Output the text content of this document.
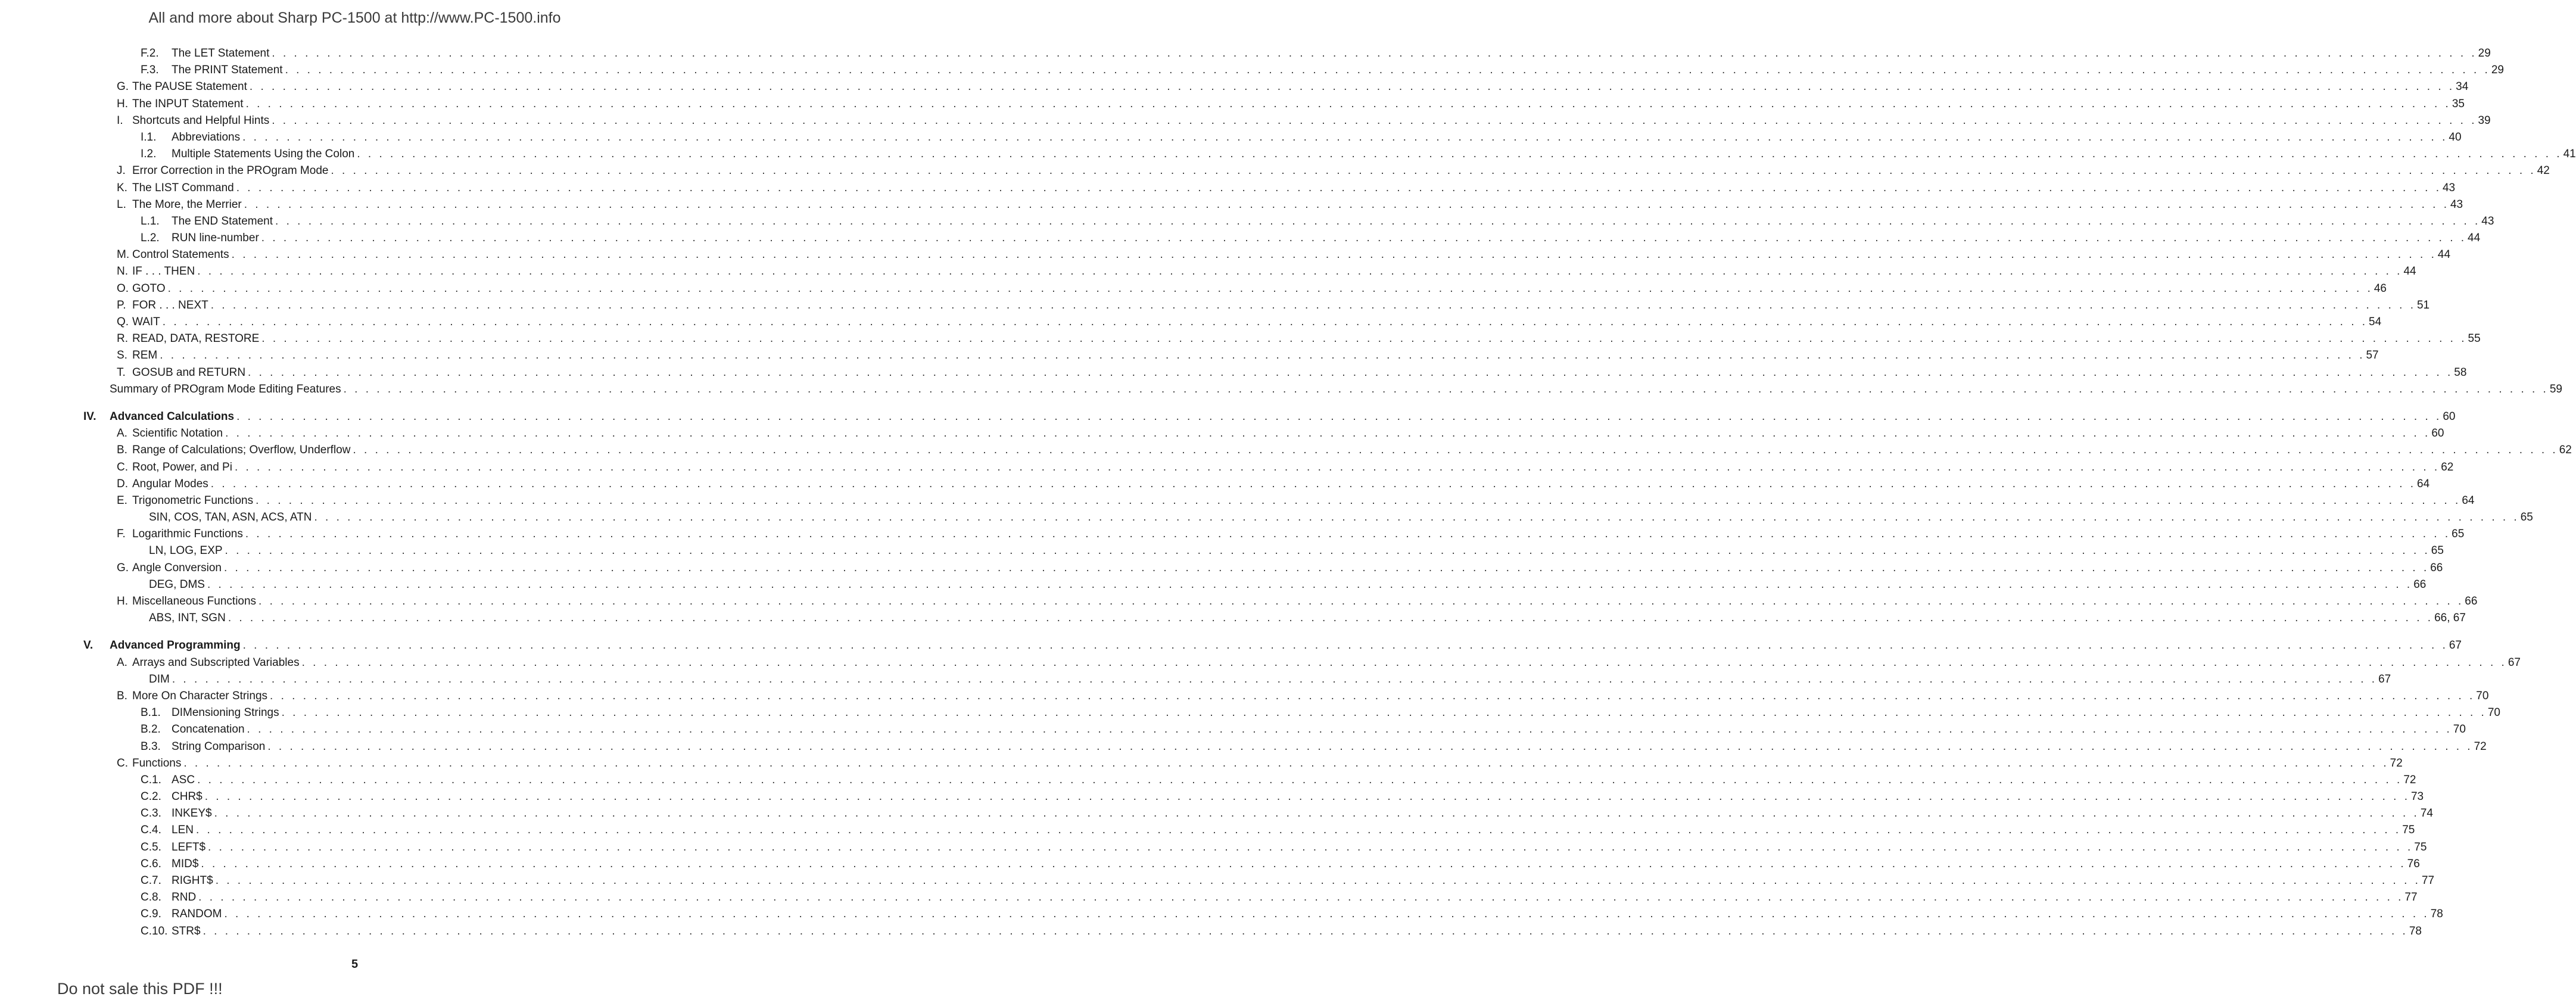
All and more about Sharp PC-1500 at http://www.PC-1500.info
F.2. The LET Statement . . . . . . . . . . . . . . . . . . . . . . . . . . . . . . . . . . . . . . . . . . . . . . . . . . . . . . . . . . . . . . . . . . . . . . . . . . . . . . . . . . . . . . . . . . . . . . . . . . . . . . . . . . . . . . . . . . . . . . . . . . . . . . . . . . . . . . . . . . . . . . . . . . . . . . . . . . . . . . . . . . . . . . . . . . . . . . . . . . . . . . . . . . . . . . . . . . . . . . . . 29
F.3. The PRINT Statement . . . . . . . . . . . . . . . . . . . . . . . . . . . . . . . . . . . . . . . . . . . . . . . . . . . . . . . . . . . . . . . . . . . . . . . . . . . . . . . . . . . . . . . . . . . . . . . . . . . . . . . . . . . . . . . . . . . . . . . . . . . . . . . . . . . . . . . . . . . . . . . . . . . . . . . . . . . . . . . . . . . . . . . . . . . . . . . . . . . . . . . . . . . . . . . . . . . . . . . . 29
G. The PAUSE Statement . . . . . . . . . . . . . . . . . . . . . . . . . . . . . . . . . . . . . . . . . . . . . . . . . . . . . . . . . . . . . . . . . . . . . . . . . . . . . . . . . . . . . . . . . . . . . . . . . . . . . . . . . . . . . . . . . . . . . . . . . . . . . . . . . . . . . . . . . . . . . . . . . . . . . . . . . . . . . . . . . . . . . . . . . . . . . . . . . . . . . . . . . . . . . . . . . . . . . . . . 34
H. The INPUT Statement . . . . . . . . . . . . . . . . . . . . . . . . . . . . . . . . . . . . . . . . . . . . . . . . . . . . . . . . . . . . . . . . . . . . . . . . . . . . . . . . . . . . . . . . . . . . . . . . . . . . . . . . . . . . . . . . . . . . . . . . . . . . . . . . . . . . . . . . . . . . . . . . . . . . . . . . . . . . . . . . . . . . . . . . . . . . . . . . . . . . . . . . . . . . . . . . . . . . . . . . 35
I. Shortcuts and Helpful Hints . . . . . . . . . . . . . . . . . . . . . . . . . . . . . . . . . . . . . . . . . . . . . . . . . . . . . . . . . . . . . . . . . . . . . . . . . . . . . . . . . . . . . . . . . . . . . . . . . . . . . . . . . . . . . . . . . . . . . . . . . . . . . . . . . . . . . . . . . . . . . . . . . . . . . . . . . . . . . . . . . . . . . . . . . . . . . . . . . . . . . . . . . . . . . . . . . . . . . . . . 39
I.1. Abbreviations . . . . . . . . . . . . . . . . . . . . . . . . . . . . . . . . . . . . . . . . . . . . . . . . . . . . . . . . . . . . . . . . . . . . . . . . . . . . . . . . . . . . . . . . . . . . . . . . . . . . . . . . . . . . . . . . . . . . . . . . . . . . . . . . . . . . . . . . . . . . . . . . . . . . . . . . . . . . . . . . . . . . . . . . . . . . . . . . . . . . . . . . . . . . . . . . . . . . . . . . 40
I.2. Multiple Statements Using the Colon . . . . . . . . . . . . . . . . . . . . . . . . . . . . . . . . . . . . . . . . . . . . . . . . . . . . . . . . . . . . . . . . . . . . . . . . . . . . . . . . . . . . . . . . . . . . . . . . . . . . . . . . . . . . . . . . . . . . . . . . . . . . . . . . . . . . . . . . . . . . . . . . . . . . . . . . . . . . . . . . . . . . . . . . . . . . . . . . . . . . . . . . . . . . . . . . . . . . . . . . 41
J. Error Correction in the PROgram Mode . . . . . . . . . . . . . . . . . . . . . . . . . . . . . . . . . . . . . . . . . . . . . . . . . . . . . . . . . . . . . . . . . . . . . . . . . . . . . . . . . . . . . . . . . . . . . . . . . . . . . . . . . . . . . . . . . . . . . . . . . . . . . . . . . . . . . . . . . . . . . . . . . . . . . . . . . . . . . . . . . . . . . . . . . . . . . . . . . . . . . . . . . . . . . . . . . . . . . . . . 42
K. The LIST Command . . . . . . . . . . . . . . . . . . . . . . . . . . . . . . . . . . . . . . . . . . . . . . . . . . . . . . . . . . . . . . . . . . . . . . . . . . . . . . . . . . . . . . . . . . . . . . . . . . . . . . . . . . . . . . . . . . . . . . . . . . . . . . . . . . . . . . . . . . . . . . . . . . . . . . . . . . . . . . . . . . . . . . . . . . . . . . . . . . . . . . . . . . . . . . . . . . . . . . . . 43
L. The More, the Merrier . . . . . . . . . . . . . . . . . . . . . . . . . . . . . . . . . . . . . . . . . . . . . . . . . . . . . . . . . . . . . . . . . . . . . . . . . . . . . . . . . . . . . . . . . . . . . . . . . . . . . . . . . . . . . . . . . . . . . . . . . . . . . . . . . . . . . . . . . . . . . . . . . . . . . . . . . . . . . . . . . . . . . . . . . . . . . . . . . . . . . . . . . . . . . . . . . . . . . . . . 43
L.1. The END Statement . . . . . . . . . . . . . . . . . . . . . . . . . . . . . . . . . . . . . . . . . . . . . . . . . . . . . . . . . . . . . . . . . . . . . . . . . . . . . . . . . . . . . . . . . . . . . . . . . . . . . . . . . . . . . . . . . . . . . . . . . . . . . . . . . . . . . . . . . . . . . . . . . . . . . . . . . . . . . . . . . . . . . . . . . . . . . . . . . . . . . . . . . . . . . . . . . . . . . . . . 43
L.2. RUN line-number . . . . . . . . . . . . . . . . . . . . . . . . . . . . . . . . . . . . . . . . . . . . . . . . . . . . . . . . . . . . . . . . . . . . . . . . . . . . . . . . . . . . . . . . . . . . . . . . . . . . . . . . . . . . . . . . . . . . . . . . . . . . . . . . . . . . . . . . . . . . . . . . . . . . . . . . . . . . . . . . . . . . . . . . . . . . . . . . . . . . . . . . . . . . . . . . . . . . . . . . 44
M. Control Statements . . . . . . . . . . . . . . . . . . . . . . . . . . . . . . . . . . . . . . . . . . . . . . . . . . . . . . . . . . . . . . . . . . . . . . . . . . . . . . . . . . . . . . . . . . . . . . . . . . . . . . . . . . . . . . . . . . . . . . . . . . . . . . . . . . . . . . . . . . . . . . . . . . . . . . . . . . . . . . . . . . . . . . . . . . . . . . . . . . . . . . . . . . . . . . . . . . . . . . . . 44
N. IF . . . THEN . . . . . . . . . . . . . . . . . . . . . . . . . . . . . . . . . . . . . . . . . . . . . . . . . . . . . . . . . . . . . . . . . . . . . . . . . . . . . . . . . . . . . . . . . . . . . . . . . . . . . . . . . . . . . . . . . . . . . . . . . . . . . . . . . . . . . . . . . . . . . . . . . . . . . . . . . . . . . . . . . . . . . . . . . . . . . . . . . . . . . . . . . . . . . . . . . . . . . . . . 44
O. GOTO . . . . . . . . . . . . . . . . . . . . . . . . . . . . . . . . . . . . . . . . . . . . . . . . . . . . . . . . . . . . . . . . . . . . . . . . . . . . . . . . . . . . . . . . . . . . . . . . . . . . . . . . . . . . . . . . . . . . . . . . . . . . . . . . . . . . . . . . . . . . . . . . . . . . . . . . . . . . . . . . . . . . . . . . . . . . . . . . . . . . . . . . . . . . . . . . . . . . . . . . 46
P. FOR . . . NEXT . . . . . . . . . . . . . . . . . . . . . . . . . . . . . . . . . . . . . . . . . . . . . . . . . . . . . . . . . . . . . . . . . . . . . . . . . . . . . . . . . . . . . . . . . . . . . . . . . . . . . . . . . . . . . . . . . . . . . . . . . . . . . . . . . . . . . . . . . . . . . . . . . . . . . . . . . . . . . . . . . . . . . . . . . . . . . . . . . . . . . . . . . . . . . . . . . . . . . . . . 51
Q. WAIT . . . . . . . . . . . . . . . . . . . . . . . . . . . . . . . . . . . . . . . . . . . . . . . . . . . . . . . . . . . . . . . . . . . . . . . . . . . . . . . . . . . . . . . . . . . . . . . . . . . . . . . . . . . . . . . . . . . . . . . . . . . . . . . . . . . . . . . . . . . . . . . . . . . . . . . . . . . . . . . . . . . . . . . . . . . . . . . . . . . . . . . . . . . . . . . . . . . . . . . . 54
R. READ, DATA, RESTORE . . . . . . . . . . . . . . . . . . . . . . . . . . . . . . . . . . . . . . . . . . . . . . . . . . . . . . . . . . . . . . . . . . . . . . . . . . . . . . . . . . . . . . . . . . . . . . . . . . . . . . . . . . . . . . . . . . . . . . . . . . . . . . . . . . . . . . . . . . . . . . . . . . . . . . . . . . . . . . . . . . . . . . . . . . . . . . . . . . . . . . . . . . . . . . . . . . . . . . . . 55
S. REM . . . . . . . . . . . . . . . . . . . . . . . . . . . . . . . . . . . . . . . . . . . . . . . . . . . . . . . . . . . . . . . . . . . . . . . . . . . . . . . . . . . . . . . . . . . . . . . . . . . . . . . . . . . . . . . . . . . . . . . . . . . . . . . . . . . . . . . . . . . . . . . . . . . . . . . . . . . . . . . . . . . . . . . . . . . . . . . . . . . . . . . . . . . . . . . . . . . . . . . . 57
T. GOSUB and RETURN . . . . . . . . . . . . . . . . . . . . . . . . . . . . . . . . . . . . . . . . . . . . . . . . . . . . . . . . . . . . . . . . . . . . . . . . . . . . . . . . . . . . . . . . . . . . . . . . . . . . . . . . . . . . . . . . . . . . . . . . . . . . . . . . . . . . . . . . . . . . . . . . . . . . . . . . . . . . . . . . . . . . . . . . . . . . . . . . . . . . . . . . . . . . . . . . . . . . . . . . 58
Summary of PROgram Mode Editing Features . . . . . . . . . . . . . . . . . . . . . . . . . . . . . . . . . . . . . . . . . . . . . . . . . . . . . . . . . . . . . . . . . . . . . . . . . . . . . . . . . . . . . . . . . . . . . . . . . . . . . . . . . . . . . . . . . . . . . . . . . . . . . . . . . . . . . . . . . . . . . . . . . . . . . . . . . . . . . . . . . . . . . . . . . . . . . . . . . . . . . . . . . . . . . . . . . . . . . . . . 59
IV. Advanced Calculations . . . . . . . . . . . . . . . . . . . . . . . . . . . . . . . . . . . . . . . . . . . . . . . . . . . . . . . . . . . . . . . . . . . . . . . . . . . . . . . . . . . . . . . . . . . . . . . . . . . . . . . . . . . . . . . . . . . . . . . . . . . . . . . . . . . . . . . . . . . . . . . . . . . . . . . . . . . . . . . . . . . . . . . . . . . . . . . . . . . . . . . . . . . . . . . . . . . . . . . . 60
A. Scientific Notation . . . . . . . . . . . . . . . . . . . . . . . . . . . . . . . . . . . . . . . . . . . . . . . . . . . . . . . . . . . . . . . . . . . . . . . . . . . . . . . . . . . . . . . . . . . . . . . . . . . . . . . . . . . . . . . . . . . . . . . . . . . . . . . . . . . . . . . . . . . . . . . . . . . . . . . . . . . . . . . . . . . . . . . . . . . . . . . . . . . . . . . . . . . . . . . . . . . . . . . . 60
B. Range of Calculations; Overflow, Underflow . . . . . . . . . . . . . . . . . . . . . . . . . . . . . . . . . . . . . . . . . . . . . . . . . . . . . . . . . . . . . . . . . . . . . . . . . . . . . . . . . . . . . . . . . . . . . . . . . . . . . . . . . . . . . . . . . . . . . . . . . . . . . . . . . . . . . . . . . . . . . . . . . . . . . . . . . . . . . . . . . . . . . . . . . . . . . . . . . . . . . . . . . . . . . . . . . . . . . . . . 62
C. Root, Power, and Pi . . . . . . . . . . . . . . . . . . . . . . . . . . . . . . . . . . . . . . . . . . . . . . . . . . . . . . . . . . . . . . . . . . . . . . . . . . . . . . . . . . . . . . . . . . . . . . . . . . . . . . . . . . . . . . . . . . . . . . . . . . . . . . . . . . . . . . . . . . . . . . . . . . . . . . . . . . . . . . . . . . . . . . . . . . . . . . . . . . . . . . . . . . . . . . . . . . . . . . . . 62
D. Angular Modes . . . . . . . . . . . . . . . . . . . . . . . . . . . . . . . . . . . . . . . . . . . . . . . . . . . . . . . . . . . . . . . . . . . . . . . . . . . . . . . . . . . . . . . . . . . . . . . . . . . . . . . . . . . . . . . . . . . . . . . . . . . . . . . . . . . . . . . . . . . . . . . . . . . . . . . . . . . . . . . . . . . . . . . . . . . . . . . . . . . . . . . . . . . . . . . . . . . . . . . . 64
E. Trigonometric Functions . . . . . . . . . . . . . . . . . . . . . . . . . . . . . . . . . . . . . . . . . . . . . . . . . . . . . . . . . . . . . . . . . . . . . . . . . . . . . . . . . . . . . . . . . . . . . . . . . . . . . . . . . . . . . . . . . . . . . . . . . . . . . . . . . . . . . . . . . . . . . . . . . . . . . . . . . . . . . . . . . . . . . . . . . . . . . . . . . . . . . . . . . . . . . . . . . . . . . . . . 64
SIN, COS, TAN, ASN, ACS, ATN . . . . . . . . . . . . . . . . . . . . . . . . . . . . . . . . . . . . . . . . . . . . . . . . . . . . . . . . . . . . . . . . . . . . . . . . . . . . . . . . . . . . . . . . . . . . . . . . . . . . . . . . . . . . . . . . . . . . . . . . . . . . . . . . . . . . . . . . . . . . . . . . . . . . . . . . . . . . . . . . . . . . . . . . . . . . . . . . . . . . . . . . . . . . . . . . . . . . . . . . 65
F. Logarithmic Functions . . . . . . . . . . . . . . . . . . . . . . . . . . . . . . . . . . . . . . . . . . . . . . . . . . . . . . . . . . . . . . . . . . . . . . . . . . . . . . . . . . . . . . . . . . . . . . . . . . . . . . . . . . . . . . . . . . . . . . . . . . . . . . . . . . . . . . . . . . . . . . . . . . . . . . . . . . . . . . . . . . . . . . . . . . . . . . . . . . . . . . . . . . . . . . . . . . . . . . . . 65
LN, LOG, EXP . . . . . . . . . . . . . . . . . . . . . . . . . . . . . . . . . . . . . . . . . . . . . . . . . . . . . . . . . . . . . . . . . . . . . . . . . . . . . . . . . . . . . . . . . . . . . . . . . . . . . . . . . . . . . . . . . . . . . . . . . . . . . . . . . . . . . . . . . . . . . . . . . . . . . . . . . . . . . . . . . . . . . . . . . . . . . . . . . . . . . . . . . . . . . . . . . . . . . . . . 65
G. Angle Conversion . . . . . . . . . . . . . . . . . . . . . . . . . . . . . . . . . . . . . . . . . . . . . . . . . . . . . . . . . . . . . . . . . . . . . . . . . . . . . . . . . . . . . . . . . . . . . . . . . . . . . . . . . . . . . . . . . . . . . . . . . . . . . . . . . . . . . . . . . . . . . . . . . . . . . . . . . . . . . . . . . . . . . . . . . . . . . . . . . . . . . . . . . . . . . . . . . . . . . . . . 66
DEG, DMS . . . . . . . . . . . . . . . . . . . . . . . . . . . . . . . . . . . . . . . . . . . . . . . . . . . . . . . . . . . . . . . . . . . . . . . . . . . . . . . . . . . . . . . . . . . . . . . . . . . . . . . . . . . . . . . . . . . . . . . . . . . . . . . . . . . . . . . . . . . . . . . . . . . . . . . . . . . . . . . . . . . . . . . . . . . . . . . . . . . . . . . . . . . . . . . . . . . . . . . . 66
H. Miscellaneous Functions . . . . . . . . . . . . . . . . . . . . . . . . . . . . . . . . . . . . . . . . . . . . . . . . . . . . . . . . . . . . . . . . . . . . . . . . . . . . . . . . . . . . . . . . . . . . . . . . . . . . . . . . . . . . . . . . . . . . . . . . . . . . . . . . . . . . . . . . . . . . . . . . . . . . . . . . . . . . . . . . . . . . . . . . . . . . . . . . . . . . . . . . . . . . . . . . . . . . . . . . 66
ABS, INT, SGN . . . . . . . . . . . . . . . . . . . . . . . . . . . . . . . . . . . . . . . . . . . . . . . . . . . . . . . . . . . . . . . . . . . . . . . . . . . . . . . . . . . . . . . . . . . . . . . . . . . . . . . . . . . . . . . . . . . . . . . . . . . . . . . . . . . . . . . . . . . . . . . . . . . . . . . . . . . . . . . . . . . . . . . . . . . . . . . . . . . . . . . . . . . . . . . . . . . . . . . . 66, 67
V. Advanced Programming . . . . . . . . . . . . . . . . . . . . . . . . . . . . . . . . . . . . . . . . . . . . . . . . . . . . . . . . . . . . . . . . . . . . . . . . . . . . . . . . . . . . . . . . . . . . . . . . . . . . . . . . . . . . . . . . . . . . . . . . . . . . . . . . . . . . . . . . . . . . . . . . . . . . . . . . . . . . . . . . . . . . . . . . . . . . . . . . . . . . . . . . . . . . . . . . . . . . . . . . 67
A. Arrays and Subscripted Variables . . . . . . . . . . . . . . . . . . . . . . . . . . . . . . . . . . . . . . . . . . . . . . . . . . . . . . . . . . . . . . . . . . . . . . . . . . . . . . . . . . . . . . . . . . . . . . . . . . . . . . . . . . . . . . . . . . . . . . . . . . . . . . . . . . . . . . . . . . . . . . . . . . . . . . . . . . . . . . . . . . . . . . . . . . . . . . . . . . . . . . . . . . . . . . . . . . . . . . . . 67
DIM . . . . . . . . . . . . . . . . . . . . . . . . . . . . . . . . . . . . . . . . . . . . . . . . . . . . . . . . . . . . . . . . . . . . . . . . . . . . . . . . . . . . . . . . . . . . . . . . . . . . . . . . . . . . . . . . . . . . . . . . . . . . . . . . . . . . . . . . . . . . . . . . . . . . . . . . . . . . . . . . . . . . . . . . . . . . . . . . . . . . . . . . . . . . . . . . . . . . . . . . 67
B. More On Character Strings . . . . . . . . . . . . . . . . . . . . . . . . . . . . . . . . . . . . . . . . . . . . . . . . . . . . . . . . . . . . . . . . . . . . . . . . . . . . . . . . . . . . . . . . . . . . . . . . . . . . . . . . . . . . . . . . . . . . . . . . . . . . . . . . . . . . . . . . . . . . . . . . . . . . . . . . . . . . . . . . . . . . . . . . . . . . . . . . . . . . . . . . . . . . . . . . . . . . . . . . 70
B.1. DIMensioning Strings . . . . . . . . . . . . . . . . . . . . . . . . . . . . . . . . . . . . . . . . . . . . . . . . . . . . . . . . . . . . . . . . . . . . . . . . . . . . . . . . . . . . . . . . . . . . . . . . . . . . . . . . . . . . . . . . . . . . . . . . . . . . . . . . . . . . . . . . . . . . . . . . . . . . . . . . . . . . . . . . . . . . . . . . . . . . . . . . . . . . . . . . . . . . . . . . . . . . . . . . 70
B.2. Concatenation . . . . . . . . . . . . . . . . . . . . . . . . . . . . . . . . . . . . . . . . . . . . . . . . . . . . . . . . . . . . . . . . . . . . . . . . . . . . . . . . . . . . . . . . . . . . . . . . . . . . . . . . . . . . . . . . . . . . . . . . . . . . . . . . . . . . . . . . . . . . . . . . . . . . . . . . . . . . . . . . . . . . . . . . . . . . . . . . . . . . . . . . . . . . . . . . . . . . . . . . 70
B.3. String Comparison . . . . . . . . . . . . . . . . . . . . . . . . . . . . . . . . . . . . . . . . . . . . . . . . . . . . . . . . . . . . . . . . . . . . . . . . . . . . . . . . . . . . . . . . . . . . . . . . . . . . . . . . . . . . . . . . . . . . . . . . . . . . . . . . . . . . . . . . . . . . . . . . . . . . . . . . . . . . . . . . . . . . . . . . . . . . . . . . . . . . . . . . . . . . . . . . . . . . . . . . 72
C. Functions . . . . . . . . . . . . . . . . . . . . . . . . . . . . . . . . . . . . . . . . . . . . . . . . . . . . . . . . . . . . . . . . . . . . . . . . . . . . . . . . . . . . . . . . . . . . . . . . . . . . . . . . . . . . . . . . . . . . . . . . . . . . . . . . . . . . . . . . . . . . . . . . . . . . . . . . . . . . . . . . . . . . . . . . . . . . . . . . . . . . . . . . . . . . . . . . . . . . . . . . 72
C.1. ASC . . . . . . . . . . . . . . . . . . . . . . . . . . . . . . . . . . . . . . . . . . . . . . . . . . . . . . . . . . . . . . . . . . . . . . . . . . . . . . . . . . . . . . . . . . . . . . . . . . . . . . . . . . . . . . . . . . . . . . . . . . . . . . . . . . . . . . . . . . . . . . . . . . . . . . . . . . . . . . . . . . . . . . . . . . . . . . . . . . . . . . . . . . . . . . . . . . . . . . . . 72
C.2. CHR$ . . . . . . . . . . . . . . . . . . . . . . . . . . . . . . . . . . . . . . . . . . . . . . . . . . . . . . . . . . . . . . . . . . . . . . . . . . . . . . . . . . . . . . . . . . . . . . . . . . . . . . . . . . . . . . . . . . . . . . . . . . . . . . . . . . . . . . . . . . . . . . . . . . . . . . . . . . . . . . . . . . . . . . . . . . . . . . . . . . . . . . . . . . . . . . . . . . . . . . . . 73
C.3. INKEY$ . . . . . . . . . . . . . . . . . . . . . . . . . . . . . . . . . . . . . . . . . . . . . . . . . . . . . . . . . . . . . . . . . . . . . . . . . . . . . . . . . . . . . . . . . . . . . . . . . . . . . . . . . . . . . . . . . . . . . . . . . . . . . . . . . . . . . . . . . . . . . . . . . . . . . . . . . . . . . . . . . . . . . . . . . . . . . . . . . . . . . . . . . . . . . . . . . . . . . . . . 74
C.4. LEN . . . . . . . . . . . . . . . . . . . . . . . . . . . . . . . . . . . . . . . . . . . . . . . . . . . . . . . . . . . . . . . . . . . . . . . . . . . . . . . . . . . . . . . . . . . . . . . . . . . . . . . . . . . . . . . . . . . . . . . . . . . . . . . . . . . . . . . . . . . . . . . . . . . . . . . . . . . . . . . . . . . . . . . . . . . . . . . . . . . . . . . . . . . . . . . . . . . . . . . . 75
C.5. LEFT$ . . . . . . . . . . . . . . . . . . . . . . . . . . . . . . . . . . . . . . . . . . . . . . . . . . . . . . . . . . . . . . . . . . . . . . . . . . . . . . . . . . . . . . . . . . . . . . . . . . . . . . . . . . . . . . . . . . . . . . . . . . . . . . . . . . . . . . . . . . . . . . . . . . . . . . . . . . . . . . . . . . . . . . . . . . . . . . . . . . . . . . . . . . . . . . . . . . . . . . . . 75
C.6. MID$ . . . . . . . . . . . . . . . . . . . . . . . . . . . . . . . . . . . . . . . . . . . . . . . . . . . . . . . . . . . . . . . . . . . . . . . . . . . . . . . . . . . . . . . . . . . . . . . . . . . . . . . . . . . . . . . . . . . . . . . . . . . . . . . . . . . . . . . . . . . . . . . . . . . . . . . . . . . . . . . . . . . . . . . . . . . . . . . . . . . . . . . . . . . . . . . . . . . . . . . . 76
C.7. RIGHT$ . . . . . . . . . . . . . . . . . . . . . . . . . . . . . . . . . . . . . . . . . . . . . . . . . . . . . . . . . . . . . . . . . . . . . . . . . . . . . . . . . . . . . . . . . . . . . . . . . . . . . . . . . . . . . . . . . . . . . . . . . . . . . . . . . . . . . . . . . . . . . . . . . . . . . . . . . . . . . . . . . . . . . . . . . . . . . . . . . . . . . . . . . . . . . . . . . . . . . . . . 77
C.8. RND . . . . . . . . . . . . . . . . . . . . . . . . . . . . . . . . . . . . . . . . . . . . . . . . . . . . . . . . . . . . . . . . . . . . . . . . . . . . . . . . . . . . . . . . . . . . . . . . . . . . . . . . . . . . . . . . . . . . . . . . . . . . . . . . . . . . . . . . . . . . . . . . . . . . . . . . . . . . . . . . . . . . . . . . . . . . . . . . . . . . . . . . . . . . . . . . . . . . . . . . 77
C.9. RANDOM . . . . . . . . . . . . . . . . . . . . . . . . . . . . . . . . . . . . . . . . . . . . . . . . . . . . . . . . . . . . . . . . . . . . . . . . . . . . . . . . . . . . . . . . . . . . . . . . . . . . . . . . . . . . . . . . . . . . . . . . . . . . . . . . . . . . . . . . . . . . . . . . . . . . . . . . . . . . . . . . . . . . . . . . . . . . . . . . . . . . . . . . . . . . . . . . . . . . . . . . 78
C.10. STR$ . . . . . . . . . . . . . . . . . . . . . . . . . . . . . . . . . . . . . . . . . . . . . . . . . . . . . . . . . . . . . . . . . . . . . . . . . . . . . . . . . . . . . . . . . . . . . . . . . . . . . . . . . . . . . . . . . . . . . . . . . . . . . . . . . . . . . . . . . . . . . . . . . . . . . . . . . . . . . . . . . . . . . . . . . . . . . . . . . . . . . . . . . . . . . . . . . . . . . . . . 78
5
Do not sale this PDF !!!
